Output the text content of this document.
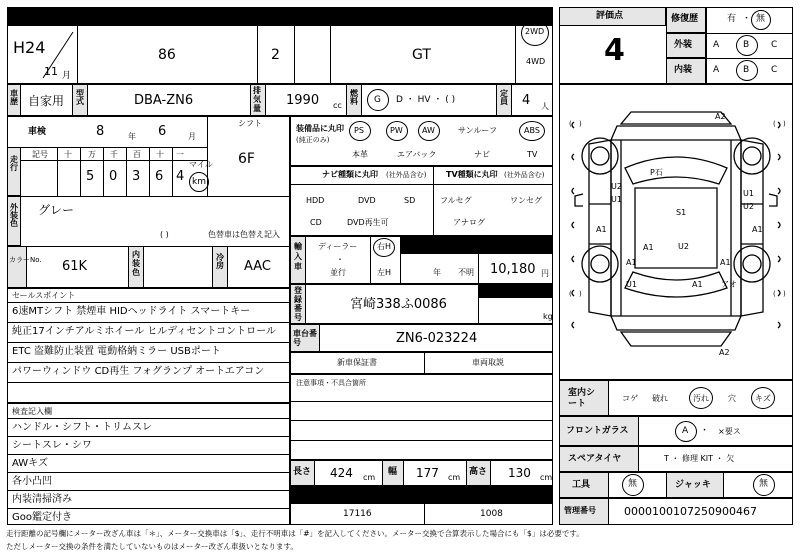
初年度登録年月
H24
11 月
車名
86
ドア
2
形状	グレード
GT
2WD
4WD
車歴 自家用
型式	DBA-ZN6
排気量
1990 cc
燃料 G D ・ HV ・ ( )
定員 4 人
車検	8	年 6	月
シフト
6F
走行
記号 十 万 千 百 十 一
5 0 3 6 4
マイル
km
外装色
グレー
( )	色替車は色替え記入
カラーNo. 61K
内装色
冷房 AAC
セールスポイント
6速MTシフト 禁煙車 HIDヘッドライト スマートキー
純正17インチアルミホイール ヒルディセントコントロール
ETC 盗難防止装置 電動格納ミラー USBポート
パワーウィンドウ CD再生 フォグランプ オートエアコン
検査記入欄
ハンドル・シフト・トリムスレ
シートスレ・シワ
AWキズ
各小凸凹
内装清掃済み
Goo鑑定付き
装備品に丸印
(純正のみ)
PS	PW AW	サンルーフ	ABS
本革	エアバック	ナビ	TV
ナビ種類に丸印 (社外品含む) TV種類に丸印 (社外品含む)
HDD	DVD	SD
CD	DVD再生可
フルセグ	ワンセグ
アナログ
輸入車
ディーラー
・
並行
右H
左H
モデル年式
年 不明
リサイクル預託金
10,180 円
登録番号
宮崎338ふ0086
最大積載量
kg
車台番号	ZN6-023224
新車保証書	車両取説
注意事項・不具合箇所
長さ 424 cm
幅 177 cm
高さ 130 cm
型式指定番号
17116
類別区分番号
1008
評価点
4
修復歴	有 ・ 無
外装 A	B C
内装 A	B C
( )	( )
( )	( )
A2
U2
P石
U1
S1
A1
U1
U2
A1
A2
A1
U1
A1
U2
A1
A1 アオ
室内シート
コゲ 破れ	汚れ 穴 キズ
フロントガラス	A ・ ×要ス
スペアタイヤ	T ・ 修理 KIT ・ 欠
工具	無	ジャッキ	無
管理番号	0000100107250900467
走行距離の記号欄にメーター改ざん車は「＊」、メーター交換車は「$」、走行不明車は「#」を記入してください。メーター交換で合算表示した場合にも「$」は必要です。
ただしメーター交換の条件を満たしていないものはメーター改ざん車扱いとなります。
